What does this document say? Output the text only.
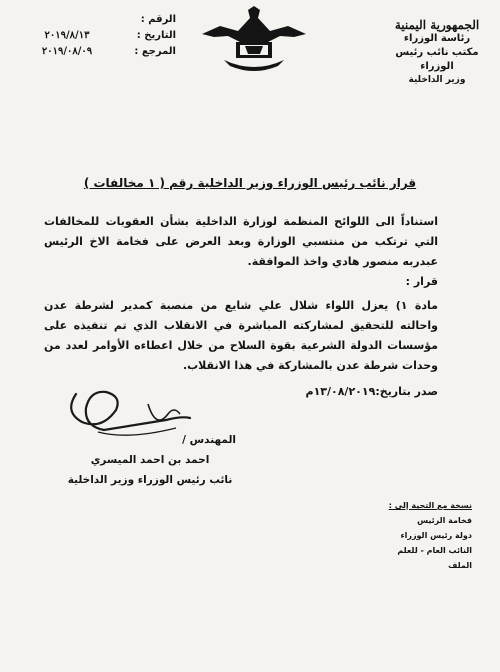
الرقم :
التاريخ :
٢٠١٩/٨/١٣
المرجع :
٢٠١٩/٠٨/٠٩
الجمهورية اليمنية
رئاسة الوزراء
مكتب نائب رئيس الوزراء
وزير الداخلية
قرار نائب رئيس الوزراء وزير الداخلية رقم ( ١ مخالفات )

استناداً الى اللوائح المنظمة لوزارة الداخلية بشأن العقوبات للمخالفات التي ترتكب من منتسبي الوزارة وبعد العرض على فخامة الاخ الرئيس عبدربه منصور هادي واخذ الموافقة.

قرار :

مادة ١) يعزل اللواء شلال علي شايع من منصبة كمدير لشرطة عدن واحالته للتحقيق لمشاركته المباشرة في الانقلاب الذي تم تنفيذه على مؤسسات الدولة الشرعية بقوة السلاح من خلال اعطاءه الأوامر لعدد من وحدات شرطة عدن بالمشاركة في هذا الانقلاب.

صدر بتاريخ:١٣/٠٨/٢٠١٩م

المهندس /
احمد بن احمد الميسري
نائب رئيس الوزراء وزير الداخلية
نسخة مع التحية إلى :
فخامة الرئيس
دولة رئيس الوزراء
النائب العام - للعلم
الملف
